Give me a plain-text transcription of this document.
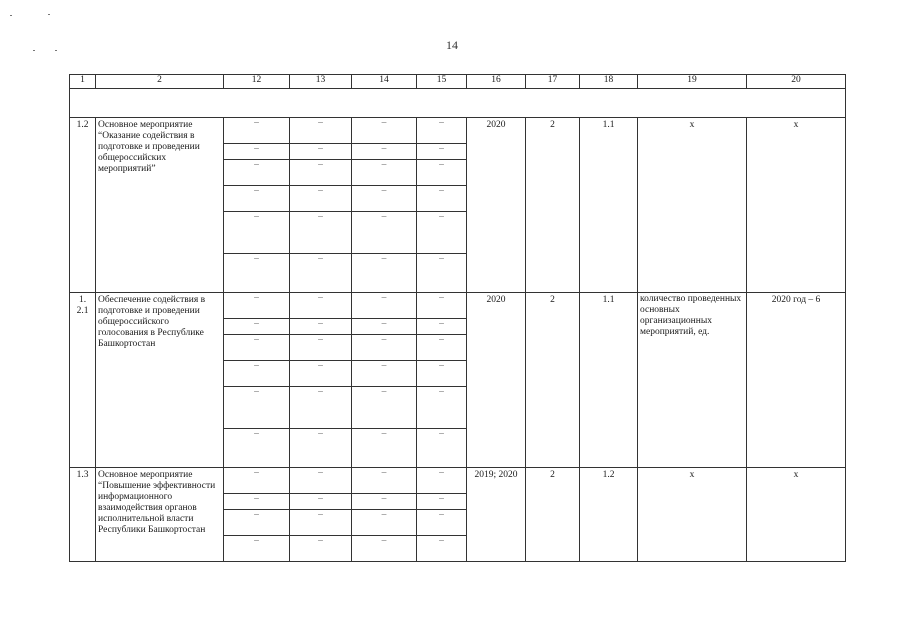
14
1	2	12	13	14	15	16	17	18	19	20

1.2	Основное мероприятие “Оказание содействия в подготовке и проведении общероссийских мероприятий”	–	–	–	–	2020	2	1.1	х	х
		–	–	–	–					
		–	–	–	–					
		–	–	–	–					
		–	–	–	–					
		–	–	–	–					
1. 2.1	Обеспечение содействия в подготовке и проведении общероссийского голосования в Республике Башкортостан	–	–	–	–	2020	2	1.1	количество проведенных основных организационных мероприятий, ед.	2020 год – 6
		–	–	–	–					
		–	–	–	–					
		–	–	–	–					
		–	–	–	–					
		–	–	–	–					
1.3	Основное мероприятие “Повышение эффективности информационного взаимодействия органов исполнительной власти Республики Башкортостан	–	–	–	–	2019; 2020	2	1.2	х	х
		–	–	–	–					
		–	–	–	–					
		–	–	–	–					
